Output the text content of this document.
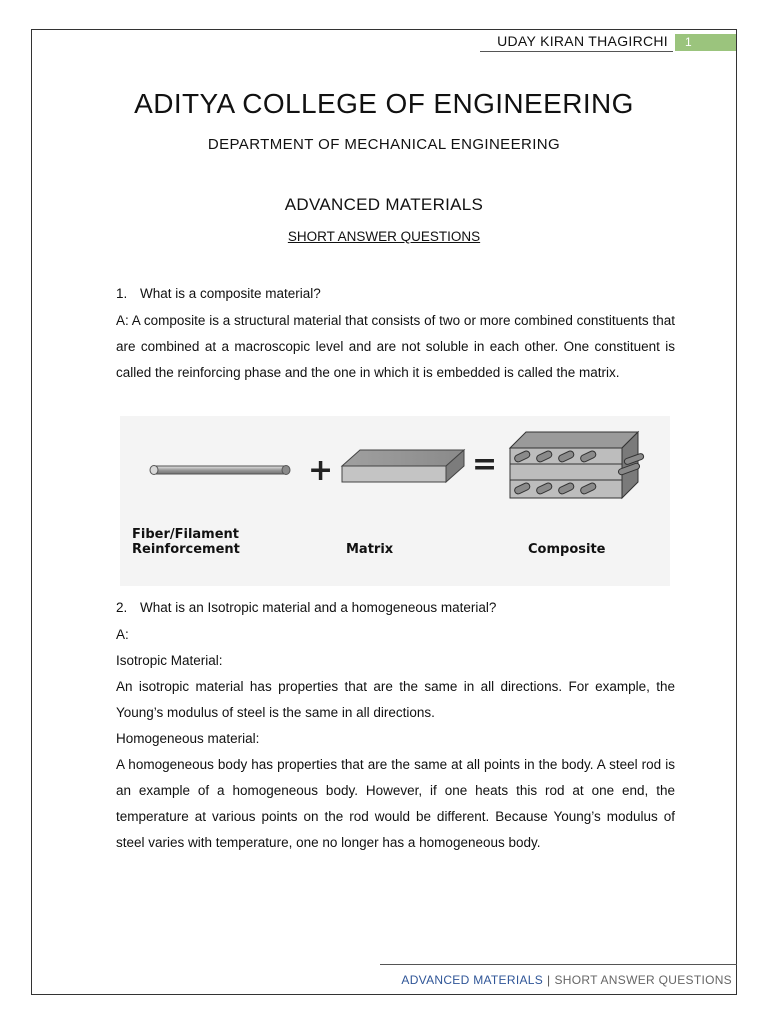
UDAY KIRAN THAGIRCHI	1
ADITYA COLLEGE OF ENGINEERING
DEPARTMENT OF MECHANICAL ENGINEERING
ADVANCED MATERIALS
SHORT ANSWER QUESTIONS
1. What is a composite material?

A: A composite is a structural material that consists of two or more combined constituents that are combined at a macroscopic level and are not soluble in each other. One constituent is called the reinforcing phase and the one in which it is embedded is called the matrix.

+	=
Fiber/Filament
Reinforcement	Matrix	Composite
2. What is an Isotropic material and a homogeneous material?
A:
Isotropic Material:
An isotropic material has properties that are the same in all directions. For example, the Young’s modulus of steel is the same in all directions.
Homogeneous material:
A homogeneous body has properties that are the same at all points in the body. A steel rod is an example of a homogeneous body. However, if one heats this rod at one end, the temperature at various points on the rod would be different. Because Young’s modulus of steel varies with temperature, one no longer has a homogeneous body.
ADVANCED MATERIALS | SHORT ANSWER QUESTIONS
